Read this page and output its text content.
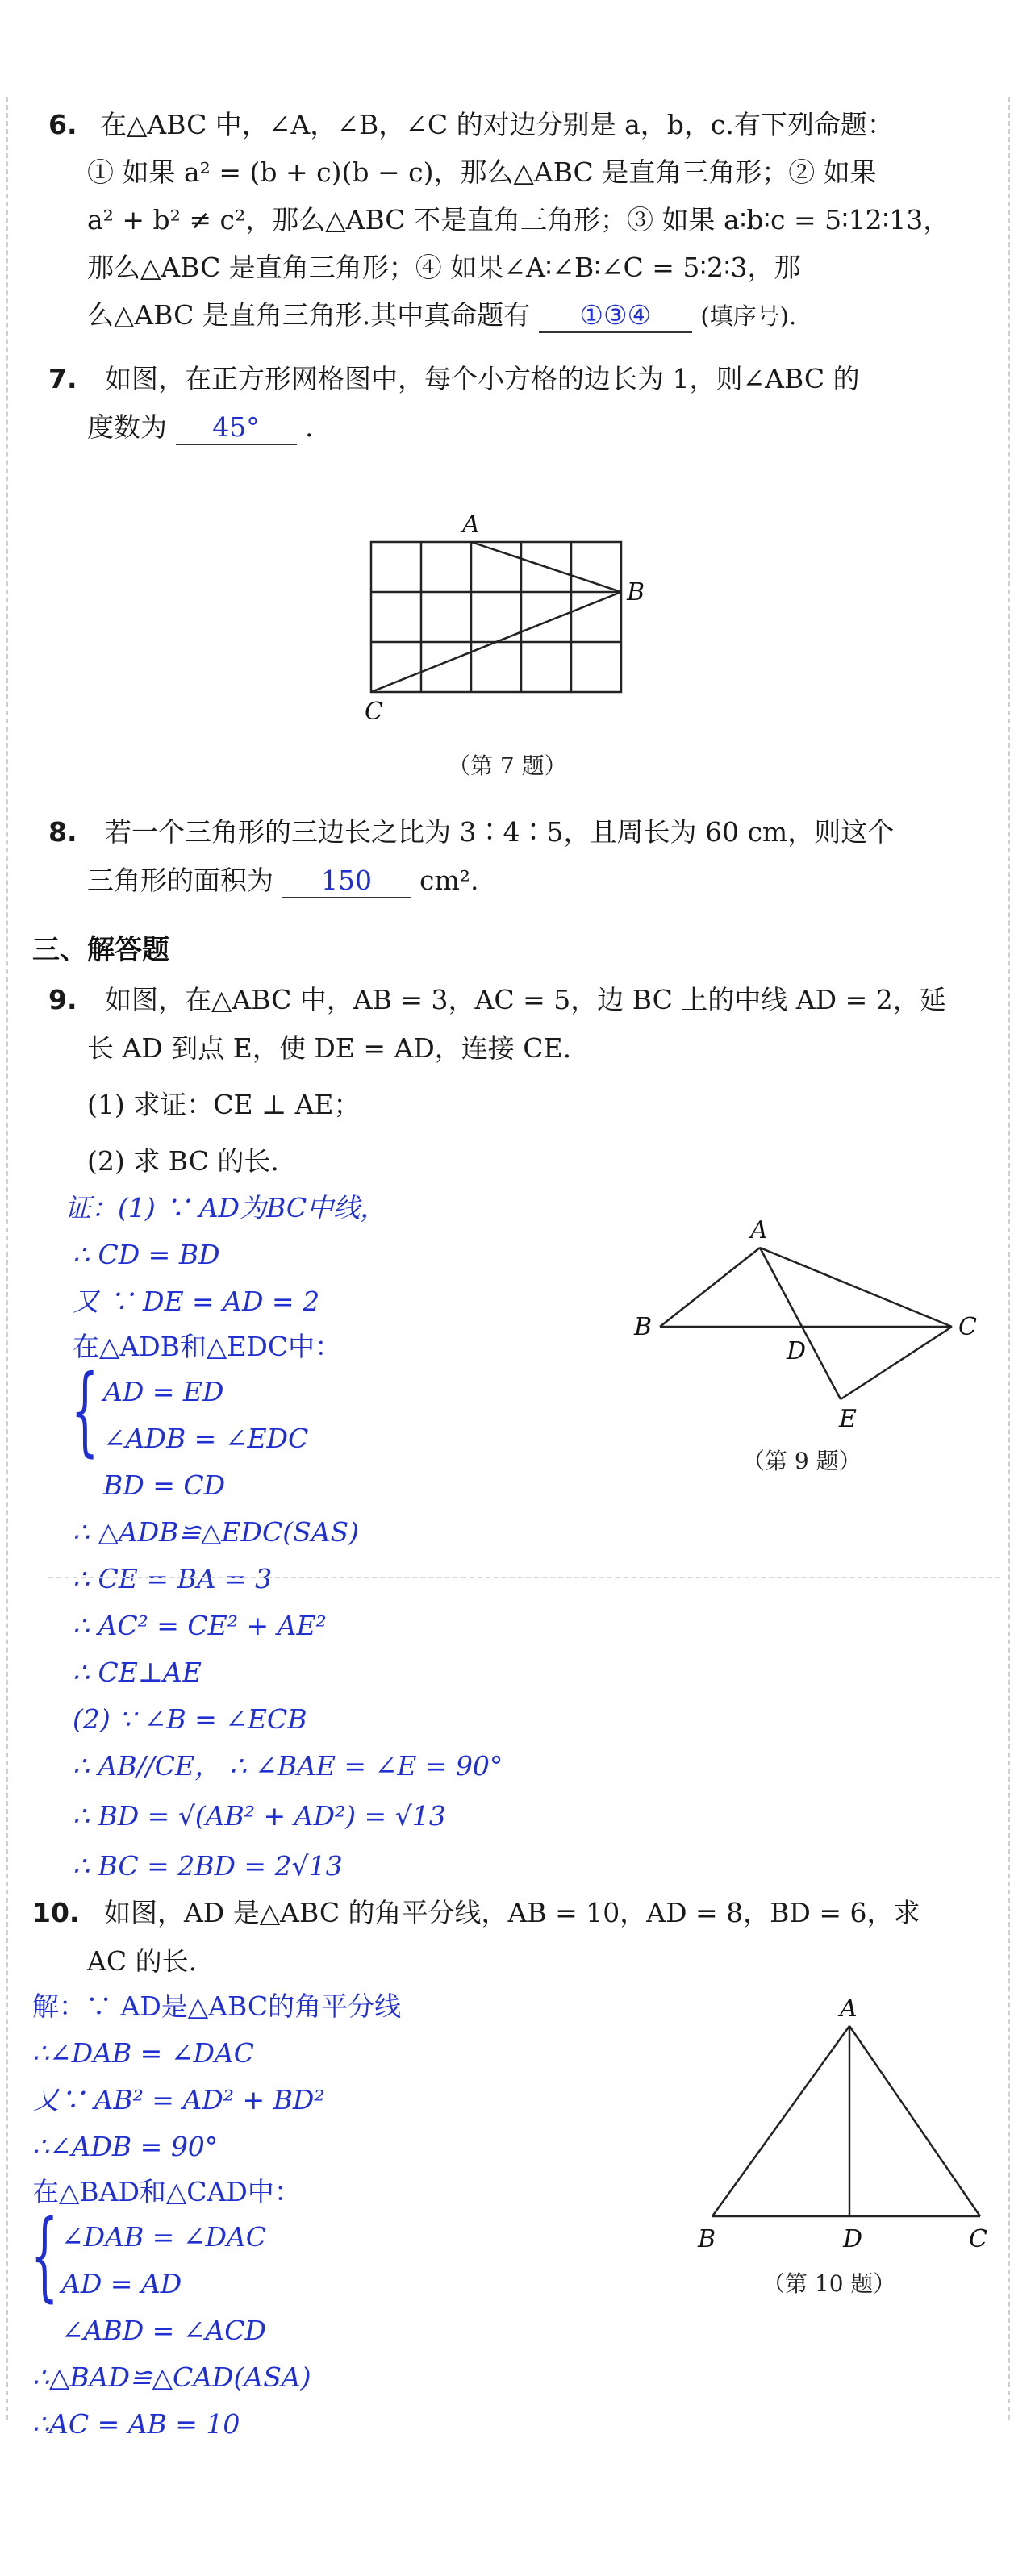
6. 在△ABC 中，∠A，∠B，∠C 的对边分别是 a，b，c.有下列命题：
① 如果 a² = (b + c)(b − c)，那么△ABC 是直角三角形；② 如果
a² + b² ≠ c²，那么△ABC 不是直角三角形；③ 如果 a∶b∶c = 5∶12∶13，
那么△ABC 是直角三角形；④ 如果∠A∶∠B∶∠C = 5∶2∶3，那
么△ABC 是直角三角形.其中真命题有 ①③④ (填序号).
7. 如图，在正方形网格图中，每个小方格的边长为 1，则∠ABC 的
度数为 45° .
A
B
C
（第 7 题）
8. 若一个三角形的三边长之比为 3∶4∶5，且周长为 60 cm，则这个
三角形的面积为 150 cm².
三、解答题
9. 如图，在△ABC 中，AB = 3，AC = 5，边 BC 上的中线 AD = 2，延
长 AD 到点 E，使 DE = AD，连接 CE.
(1) 求证：CE ⊥ AE；
(2) 求 BC 的长.
证：(1) ∵ AD为BC中线，
∴ CD = BD
又 ∵ DE = AD = 2
在△ADB和△EDC中：
{ AD = ED
∠ADB = ∠EDC
BD = CD
∴ △ADB≌△EDC(SAS)
∴ CE = BA = 3
∴ AC² = CE² + AE²
∴ CE⊥AE
(2) ∵ ∠B = ∠ECB
∴ AB//CE， ∴ ∠BAE = ∠E = 90°
∴ BD = √(AB² + AD²) = √13
∴ BC = 2BD = 2√13
A
B	C
D
E
（第 9 题）
10. 如图，AD 是△ABC 的角平分线，AB = 10，AD = 8，BD = 6，求
AC 的长.
解：∵ AD是△ABC的角平分线
∴∠DAB = ∠DAC
又∵ AB² = AD² + BD²
∴∠ADB = 90°
在△BAD和△CAD中：
{ ∠DAB = ∠DAC
AD = AD
∠ABD = ∠ACD
∴△BAD≌△CAD(ASA)
∴AC = AB = 10
A
B	D	C
（第 10 题）
